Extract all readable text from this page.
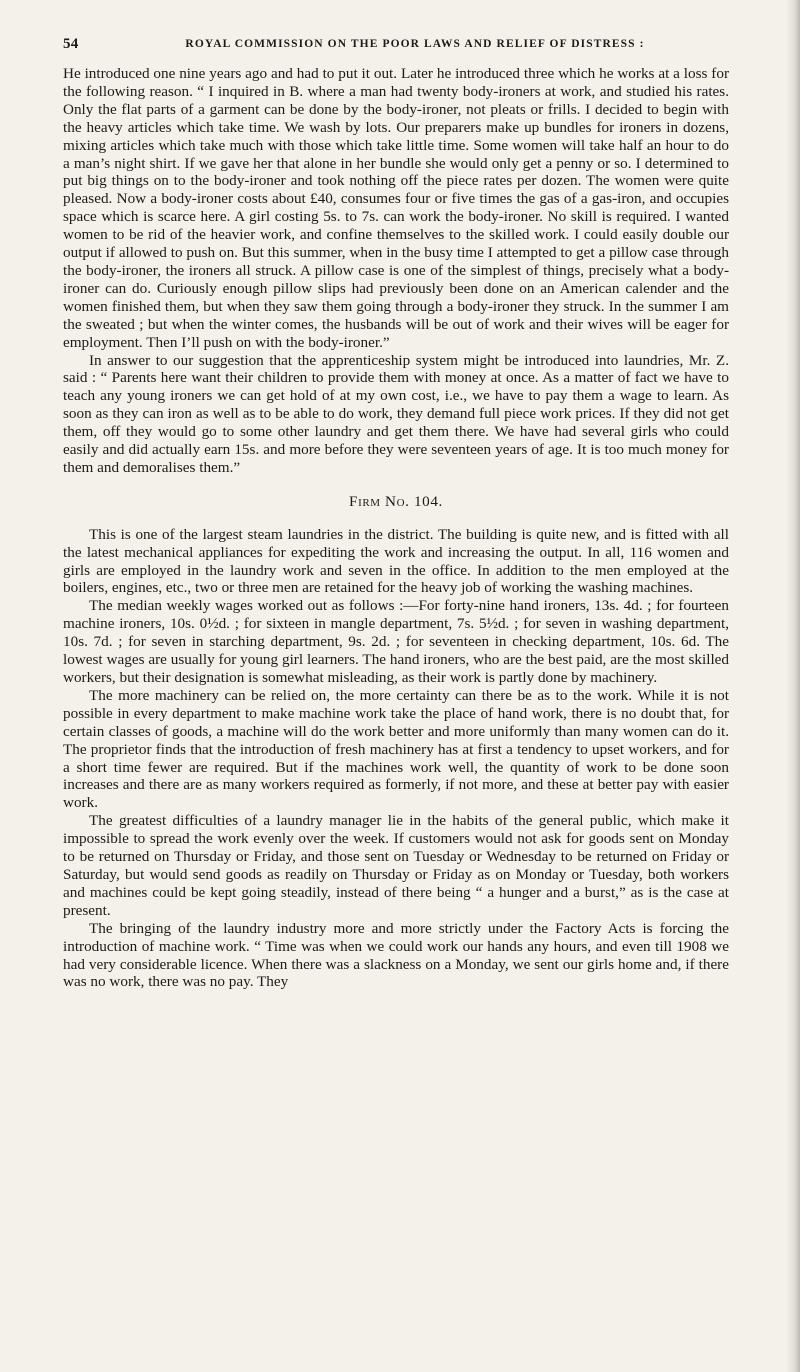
54	ROYAL COMMISSION ON THE POOR LAWS AND RELIEF OF DISTRESS :

He introduced one nine years ago and had to put it out. Later he introduced three which he works at a loss for the following reason. “ I inquired in B. where a man had twenty body-ironers at work, and studied his rates. Only the flat parts of a garment can be done by the body-ironer, not pleats or frills. I decided to begin with the heavy articles which take time. We wash by lots. Our preparers make up bundles for ironers in dozens, mixing articles which take much with those which take little time. Some women will take half an hour to do a man’s night shirt. If we gave her that alone in her bundle she would only get a penny or so. I determined to put big things on to the body-ironer and took nothing off the piece rates per dozen. The women were quite pleased. Now a body-ironer costs about £40, consumes four or five times the gas of a gas-iron, and occupies space which is scarce here. A girl costing 5s. to 7s. can work the body-ironer. No skill is required. I wanted women to be rid of the heavier work, and confine themselves to the skilled work. I could easily double our output if allowed to push on. But this summer, when in the busy time I attempted to get a pillow case through the body-ironer, the ironers all struck. A pillow case is one of the simplest of things, precisely what a body-ironer can do. Curiously enough pillow slips had previously been done on an American calender and the women finished them, but when they saw them going through a body-ironer they struck. In the summer I am the sweated ; but when the winter comes, the husbands will be out of work and their wives will be eager for employment. Then I’ll push on with the body-ironer.”

In answer to our suggestion that the apprenticeship system might be introduced into laundries, Mr. Z. said : “ Parents here want their children to provide them with money at once. As a matter of fact we have to teach any young ironers we can get hold of at my own cost, i.e., we have to pay them a wage to learn. As soon as they can iron as well as to be able to do work, they demand full piece work prices. If they did not get them, off they would go to some other laundry and get them there. We have had several girls who could easily and did actually earn 15s. and more before they were seventeen years of age. It is too much money for them and demoralises them.”

Firm No. 104.

This is one of the largest steam laundries in the district. The building is quite new, and is fitted with all the latest mechanical appliances for expediting the work and increasing the output. In all, 116 women and girls are employed in the laundry work and seven in the office. In addition to the men employed at the boilers, engines, etc., two or three men are retained for the heavy job of working the washing machines.

The median weekly wages worked out as follows :—For forty-nine hand ironers, 13s. 4d. ; for fourteen machine ironers, 10s. 0½d. ; for sixteen in mangle department, 7s. 5½d. ; for seven in washing department, 10s. 7d. ; for seven in starching department, 9s. 2d. ; for seventeen in checking department, 10s. 6d. The lowest wages are usually for young girl learners. The hand ironers, who are the best paid, are the most skilled workers, but their designation is somewhat misleading, as their work is partly done by machinery.

The more machinery can be relied on, the more certainty can there be as to the work. While it is not possible in every department to make machine work take the place of hand work, there is no doubt that, for certain classes of goods, a machine will do the work better and more uniformly than many women can do it. The proprietor finds that the introduction of fresh machinery has at first a tendency to upset workers, and for a short time fewer are required. But if the machines work well, the quantity of work to be done soon increases and there are as many workers required as formerly, if not more, and these at better pay with easier work.

The greatest difficulties of a laundry manager lie in the habits of the general public, which make it impossible to spread the work evenly over the week. If customers would not ask for goods sent on Monday to be returned on Thursday or Friday, and those sent on Tuesday or Wednesday to be returned on Friday or Saturday, but would send goods as readily on Thursday or Friday as on Monday or Tuesday, both workers and machines could be kept going steadily, instead of there being “ a hunger and a burst,” as is the case at present.

The bringing of the laundry industry more and more strictly under the Factory Acts is forcing the introduction of machine work. “ Time was when we could work our hands any hours, and even till 1908 we had very considerable licence. When there was a slackness on a Monday, we sent our girls home and, if there was no work, there was no pay. They
